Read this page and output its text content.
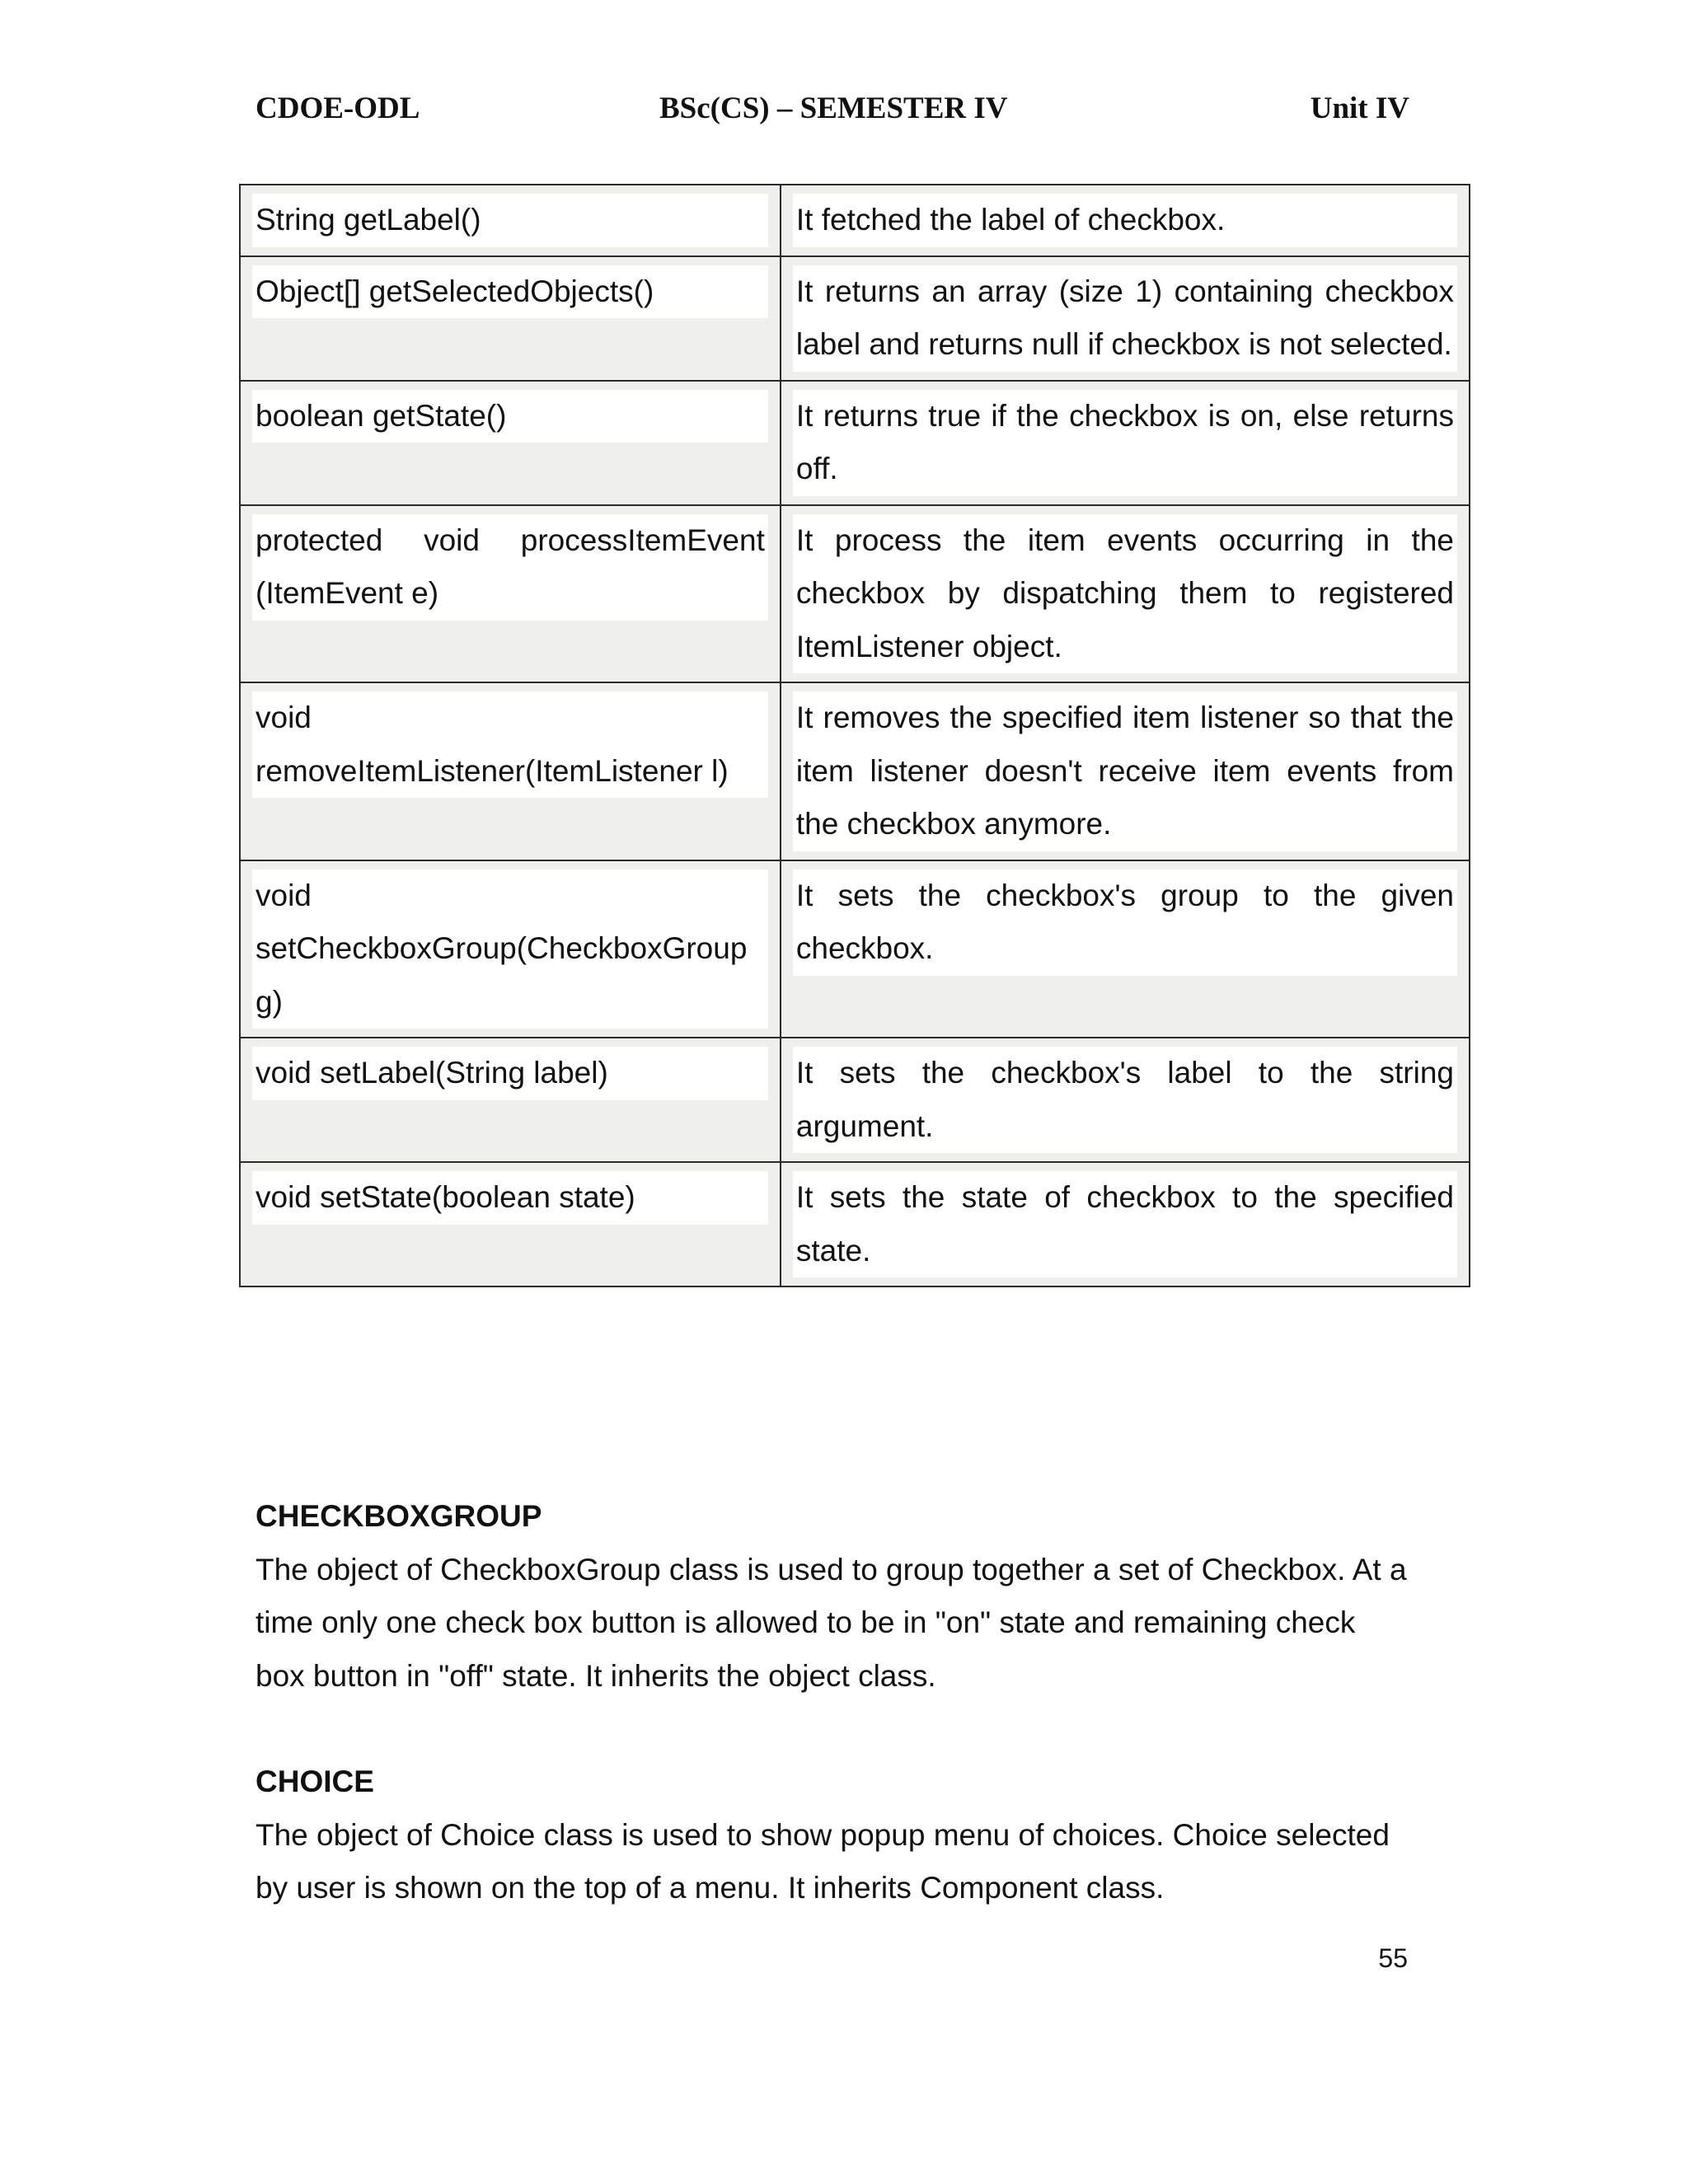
CDOE-ODL	BSc(CS) – SEMESTER IV	Unit IV
String getLabel()	It fetched the label of checkbox.

Object[] getSelectedObjects()	It returns an array (size 1) containing checkbox label and returns null if checkbox is not selected.

boolean getState()	It returns true if the checkbox is on, else returns off.

protected void processItemEvent (ItemEvent e)	It process the item events occurring in the checkbox by dispatching them to registered ItemListener object.

void removeItemListener(ItemListener l)	It removes the specified item listener so that the item listener doesn't receive item events from the checkbox anymore.

void setCheckboxGroup(CheckboxGroup g)	It sets the checkbox's group to the given checkbox.

void setLabel(String label)	It sets the checkbox's label to the string argument.

void setState(boolean state)	It sets the state of checkbox to the specified state.
CHECKBOXGROUP
The object of CheckboxGroup class is used to group together a set of Checkbox. At a time only one check box button is allowed to be in "on" state and remaining check box button in "off" state. It inherits the object class.
CHOICE
The object of Choice class is used to show popup menu of choices. Choice selected by user is shown on the top of a menu. It inherits Component class.
55
